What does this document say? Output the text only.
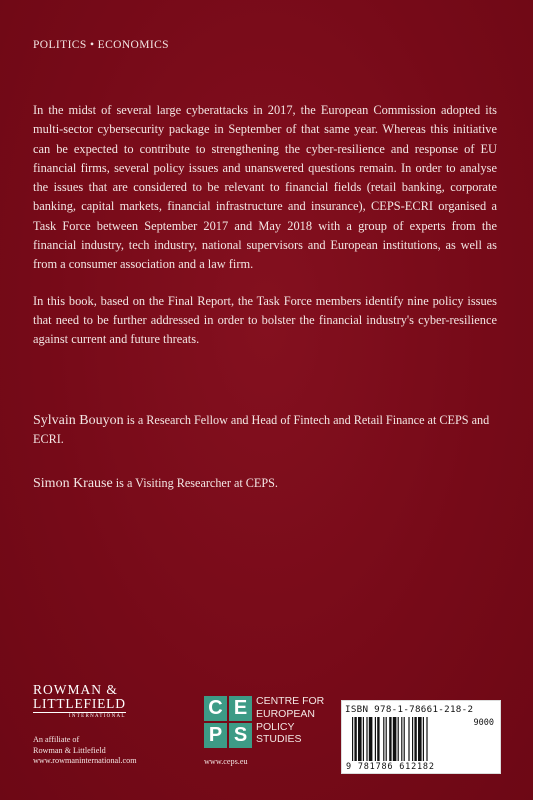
POLITICS • ECONOMICS

In the midst of several large cyberattacks in 2017, the European Commission adopted its multi-sector cybersecurity package in September of that same year. Whereas this initiative can be expected to contribute to strengthening the cyber-resilience and response of EU financial firms, several policy issues and unanswered questions remain. In order to analyse the issues that are considered to be relevant to financial fields (retail banking, corporate banking, capital markets, financial infrastructure and insurance), CEPS-ECRI organised a Task Force between September 2017 and May 2018 with a group of experts from the financial industry, tech industry, national supervisors and European institutions, as well as from a consumer association and a law firm.

In this book, based on the Final Report, the Task Force members identify nine policy issues that need to be further addressed in order to bolster the financial industry's cyber-resilience against current and future threats.

Sylvain Bouyon is a Research Fellow and Head of Fintech and Retail Finance at CEPS and ECRI.
Simon Krause is a Visiting Researcher at CEPS.
ROWMAN &
LITTLEFIELD
INTERNATIONAL
An affiliate of
Rowman & Littlefield
www.rowmaninternational.com
C E
P S
CENTRE FOR
EUROPEAN
POLICY
STUDIES
www.ceps.eu
ISBN 978-1-78661-218-2
9000
9 781786 612182
